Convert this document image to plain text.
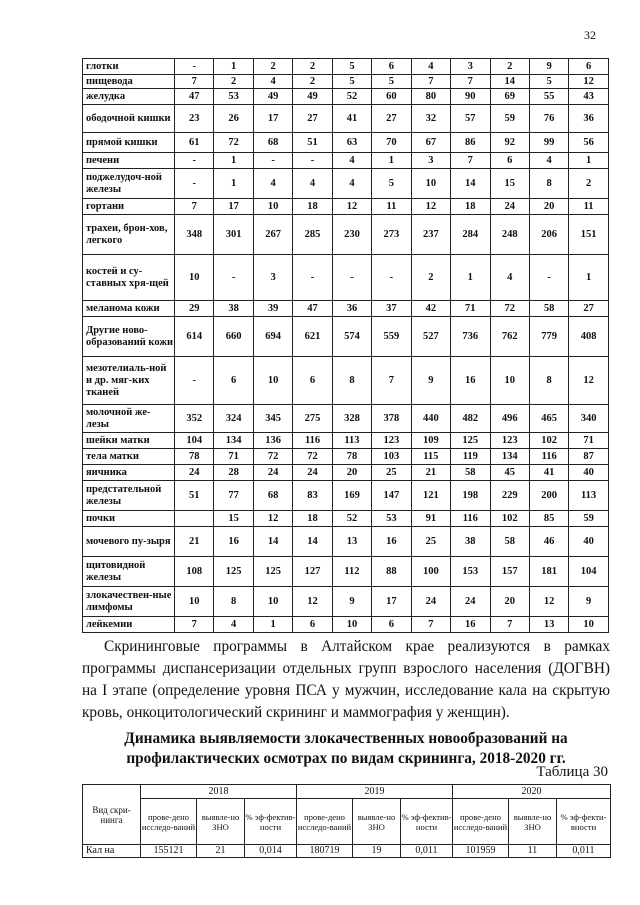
32
глотки	-	1	2	2	5	6	4	3	2	9	6
пищевода	7	2	4	2	5	5	7	7	14	5	12
желудка	47	53	49	49	52	60	80	90	69	55	43
ободочной кишки	23	26	17	27	41	27	32	57	59	76	36
прямой кишки	61	72	68	51	63	70	67	86	92	99	56
печени	-	1	-	-	4	1	3	7	6	4	1
поджелудоч-ной железы	-	1	4	4	4	5	10	14	15	8	2
гортани	7	17	10	18	12	11	12	18	24	20	11
трахеи, брон-хов, легкого	348	301	267	285	230	273	237	284	248	206	151
костей и су-ставных хря-щей	10	-	3	-	-	-	2	1	4	-	1
меланома кожи	29	38	39	47	36	37	42	71	72	58	27
Другие ново-образований кожи	614	660	694	621	574	559	527	736	762	779	408
мезотелиаль-ной и др. мяг-ких тканей	-	6	10	6	8	7	9	16	10	8	12
молочной же-лезы	352	324	345	275	328	378	440	482	496	465	340
шейки матки	104	134	136	116	113	123	109	125	123	102	71
тела матки	78	71	72	72	78	103	115	119	134	116	87
яичника	24	28	24	24	20	25	21	58	45	41	40
предстательной железы	51	77	68	83	169	147	121	198	229	200	113
почки		15	12	18	52	53	91	116	102	85	59
мочевого пу-зыря	21	16	14	14	13	16	25	38	58	46	40
щитовидной железы	108	125	125	127	112	88	100	153	157	181	104
злокачествен-ные лимфомы	10	8	10	12	9	17	24	24	20	12	9
лейкемии	7	4	1	6	10	6	7	16	7	13	10

Скрининговые программы в Алтайском крае реализуются в рамках программы диспансеризации отдельных групп взрослого населения (ДОГВН) на I этапе (определение уровня ПСА у мужчин, исследование кала на скрытую кровь, онкоцитологический скрининг и маммография у женщин).

Динамика выявляемости злокачественных новообразований на профилактических осмотрах по видам скрининга, 2018-2020 гг.
Таблица 30
Вид скри-нинга	2018			2019			2020		
	прове-дено исследо-ваний	выявле-но ЗНО	% эф-фектив-ности	прове-дено исследо-ваний	выявле-но ЗНО	% эф-фектив-ности	прове-дено исследо-ваний	выявле-но ЗНО	% эф-фекти-вности
Кал на	155121	21	0,014	180719	19	0,011	101959	11	0,011
